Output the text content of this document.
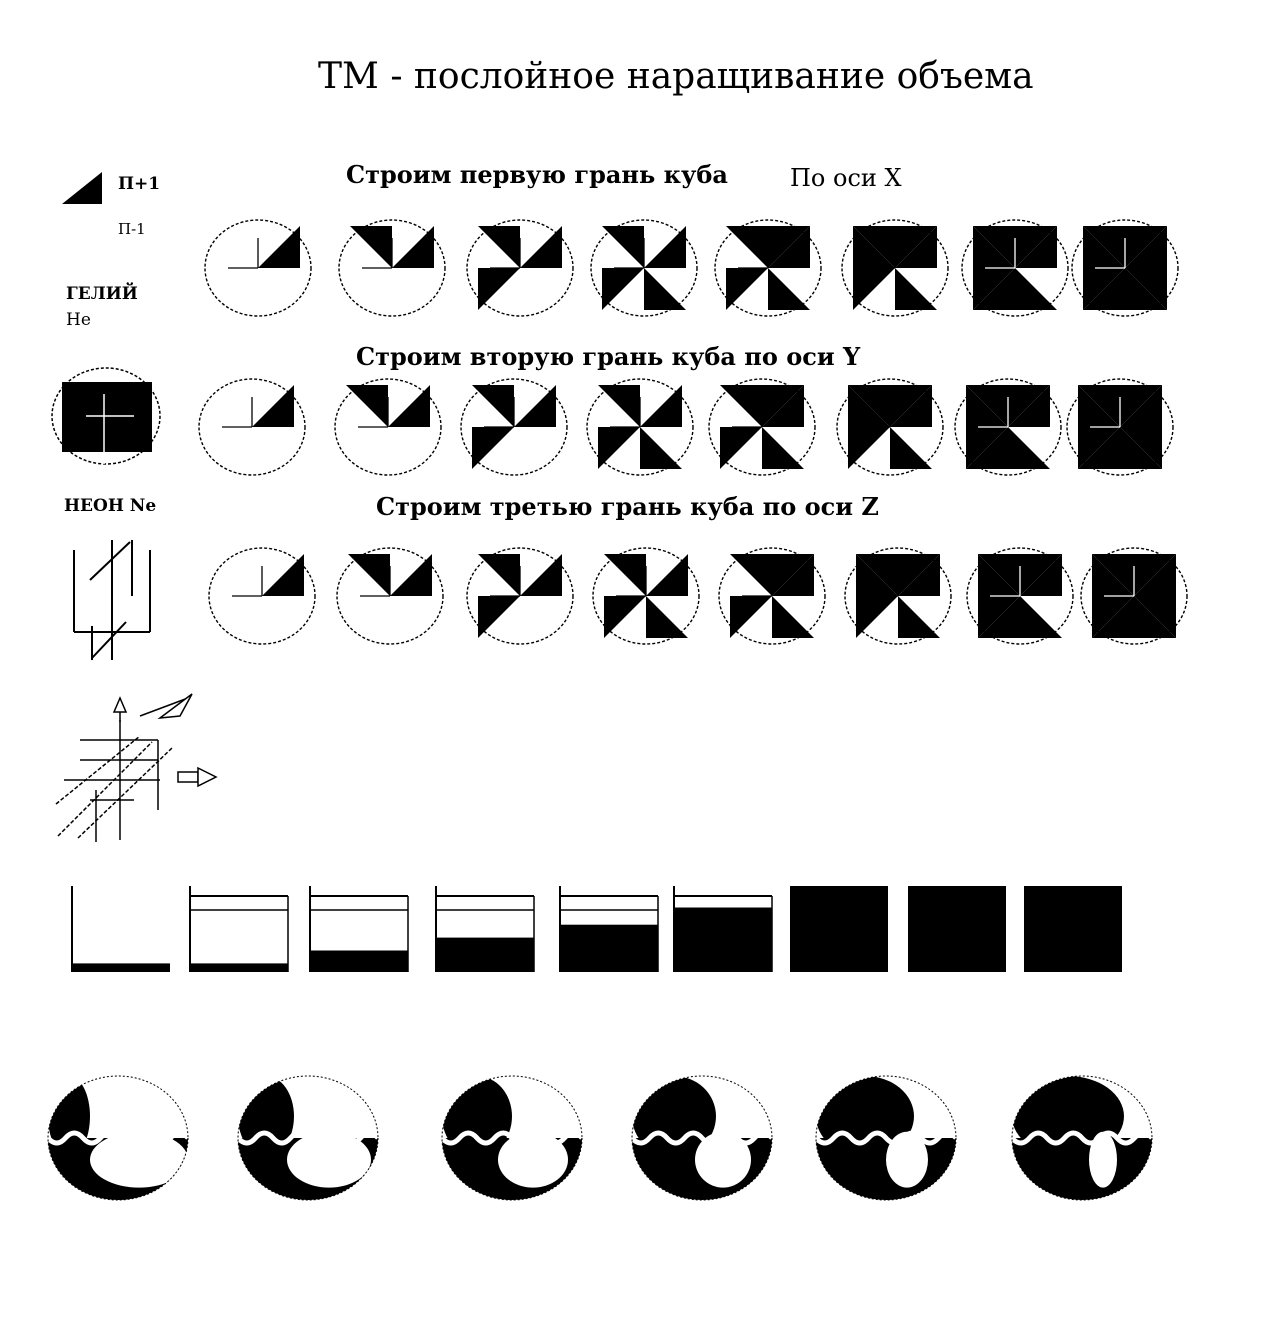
ТМ - послойное наращивание объема
Строим первую грань куба	По оси X
Строим вторую грань куба по оси Y
Строим третью грань куба по оси Z
П+1
П-1
ГЕЛИЙ
Не
НЕОН Nе
